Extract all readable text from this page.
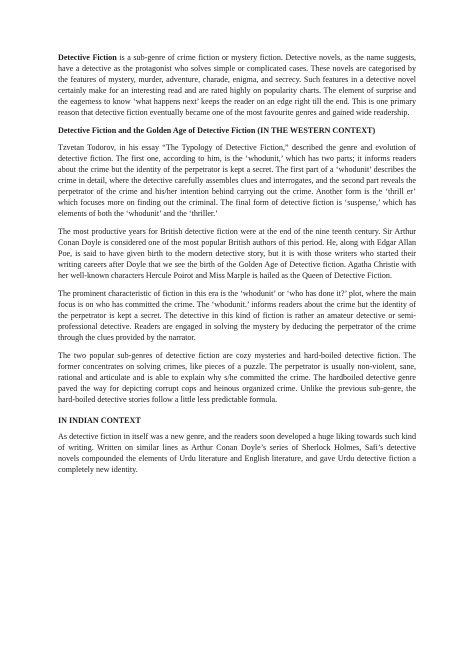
Detective Fiction is a sub-genre of crime fiction or mystery fiction. Detective novels, as the name suggests, have a detective as the protagonist who solves simple or complicated cases. These novels are categorised by the features of mystery, murder, adventure, charade, enigma, and secrecy. Such features in a detective novel certainly make for an interesting read and are rated highly on popularity charts. The element of surprise and the eagerness to know ‘what happens next’ keeps the reader on an edge right till the end. This is one primary reason that detective fiction eventually became one of the most favourite genres and gained wide readership.

Detective Fiction and the Golden Age of Detective Fiction (IN THE WESTERN CONTEXT)

Tzvetan Todorov, in his essay “The Typology of Detective Fiction,” described the genre and evolution of detective fiction. The first one, according to him, is the ‘whodunit,’ which has two parts; it informs readers about the crime but the identity of the perpetrator is kept a secret. The first part of a ‘whodunit’ describes the crime in detail, where the detective carefully assembles clues and interrogates, and the second part reveals the perpetrator of the crime and his/her intention behind carrying out the crime. Another form is the ‘thrill er’ which focuses more on finding out the criminal. The final form of detective fiction is ‘suspense,’ which has elements of both the ‘whodunit’ and the ‘thriller.’

The most productive years for British detective fiction were at the end of the nine teenth century. Sir Arthur Conan Doyle is considered one of the most popular British authors of this period. He, along with Edgar Allan Poe, is said to have given birth to the modern detective story, but it is with those writers who started their writing careers after Doyle that we see the birth of the Golden Age of Detective fiction. Agatha Christie with her well-known characters Hercule Poirot and Miss Marple is hailed as the Queen of Detective Fiction.

The prominent characteristic of fiction in this era is the ‘whodunit’ or ‘who has done it?’ plot, where the main focus is on who has committed the crime. The ‘whodunit.’ informs readers about the crime but the identity of the perpetrator is kept a secret. The detective in this kind of fiction is rather an amateur detective or semi-professional detective. Readers are engaged in solving the mystery by deducing the perpetrator of the crime through the clues provided by the narrator.

The two popular sub-genres of detective fiction are cozy mysteries and hard-boiled detective fiction. The former concentrates on solving crimes, like pieces of a puzzle. The perpetrator is usually non-violent, sane, rational and articulate and is able to explain why s/he committed the crime. The hardboiled detective genre paved the way for depicting corrupt cops and heinous organized crime. Unlike the previous sub-genre, the hard-boiled detective stories follow a little less predictable formula.

IN INDIAN CONTEXT

As detective fiction in itself was a new genre, and the readers soon developed a huge liking towards such kind of writing. Written on similar lines as Arthur Conan Doyle’s series of Sherlock Holmes, Safi’s detective novels compounded the elements of Urdu literature and English literature, and gave Urdu detective fiction a completely new identity.
